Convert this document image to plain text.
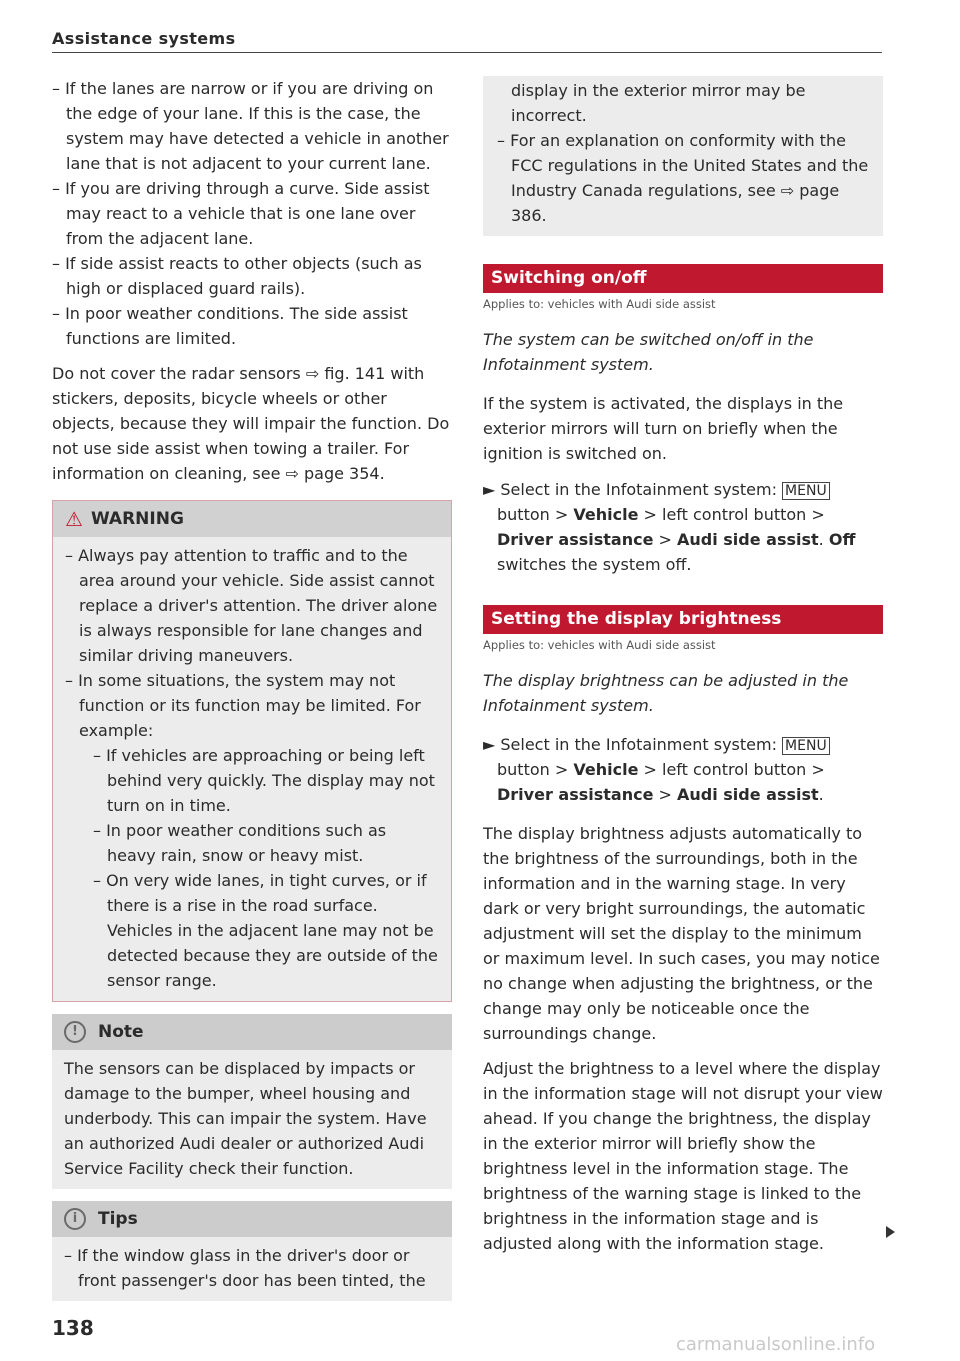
Assistance systems

– If the lanes are narrow or if you are driving on the edge of your lane. If this is the case, the system may have detected a vehicle in another lane that is not adjacent to your current lane.

– If you are driving through a curve. Side assist may react to a vehicle that is one lane over from the adjacent lane.

– If side assist reacts to other objects (such as high or displaced guard rails).

– In poor weather conditions. The side assist functions are limited.

Do not cover the radar sensors ⇨ fig. 141 with stickers, deposits, bicycle wheels or other objects, because they will impair the function. Do not use side assist when towing a trailer. For information on cleaning, see ⇨ page 354.

⚠ WARNING

– Always pay attention to traffic and to the area around your vehicle. Side assist cannot replace a driver's attention. The driver alone is always responsible for lane changes and similar driving maneuvers.

– In some situations, the system may not function or its function may be limited. For example:

– If vehicles are approaching or being left behind very quickly. The display may not turn on in time.

– In poor weather conditions such as heavy rain, snow or heavy mist.

– On very wide lanes, in tight curves, or if there is a rise in the road surface. Vehicles in the adjacent lane may not be detected because they are outside of the sensor range.

! Note

The sensors can be displaced by impacts or damage to the bumper, wheel housing and underbody. This can impair the system. Have an authorized Audi dealer or authorized Audi Service Facility check their function.

i Tips

– If the window glass in the driver's door or front passenger's door has been tinted, the

display in the exterior mirror may be incorrect.

– For an explanation on conformity with the FCC regulations in the United States and the Industry Canada regulations, see ⇨ page 386.

Switching on/off

Applies to: vehicles with Audi side assist

The system can be switched on/off in the Infotainment system.

If the system is activated, the displays in the exterior mirrors will turn on briefly when the ignition is switched on.

► Select in the Infotainment system: MENU button > Vehicle > left control button > Driver assistance > Audi side assist. Off switches the system off.

Setting the display brightness

Applies to: vehicles with Audi side assist

The display brightness can be adjusted in the Infotainment system.

► Select in the Infotainment system: MENU button > Vehicle > left control button > Driver assistance > Audi side assist.

The display brightness adjusts automatically to the brightness of the surroundings, both in the information and in the warning stage. In very dark or very bright surroundings, the automatic adjustment will set the display to the minimum or maximum level. In such cases, you may notice no change when adjusting the brightness, or the change may only be noticeable once the surroundings change.

Adjust the brightness to a level where the display in the information stage will not disrupt your view ahead. If you change the brightness, the display in the exterior mirror will briefly show the brightness level in the information stage. The brightness of the warning stage is linked to the brightness in the information stage and is adjusted along with the information stage.

138
carmanualsonline.info
